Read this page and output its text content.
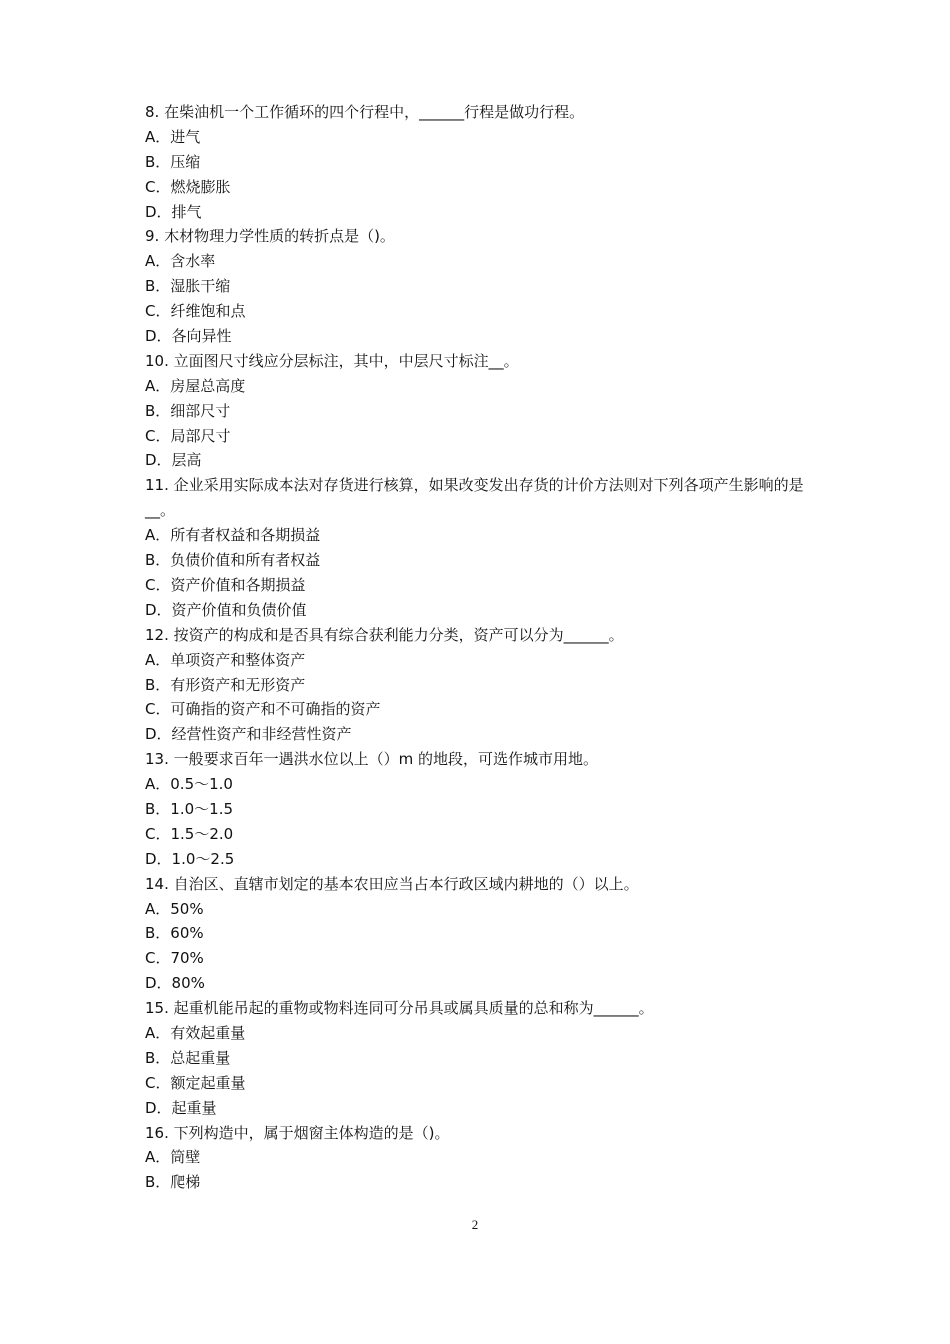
8. 在柴油机一个工作循环的四个行程中，______行程是做功行程。
A．进气
B．压缩
C．燃烧膨胀
D．排气
9. 木材物理力学性质的转折点是（)。
A．含水率
B．湿胀干缩
C．纤维饱和点
D．各向异性
10. 立面图尺寸线应分层标注，其中，中层尺寸标注__。
A．房屋总高度
B．细部尺寸
C．局部尺寸
D．层高
11. 企业采用实际成本法对存货进行核算，如果改变发出存货的计价方法则对下列各项产生影响的是__。
A．所有者权益和各期损益
B．负债价值和所有者权益
C．资产价值和各期损益
D．资产价值和负债价值
12. 按资产的构成和是否具有综合获利能力分类，资产可以分为______。
A．单项资产和整体资产
B．有形资产和无形资产
C．可确指的资产和不可确指的资产
D．经营性资产和非经营性资产
13. 一般要求百年一遇洪水位以上（）m 的地段，可选作城市用地。
A．0.5～1.0
B．1.0～1.5
C．1.5～2.0
D．1.0～2.5
14. 自治区、直辖市划定的基本农田应当占本行政区域内耕地的（）以上。
A．50%
B．60%
C．70%
D．80%
15. 起重机能吊起的重物或物料连同可分吊具或属具质量的总和称为______。
A．有效起重量
B．总起重量
C．额定起重量
D．起重量
16. 下列构造中，属于烟窗主体构造的是（)。
A．筒壁
B．爬梯
2
